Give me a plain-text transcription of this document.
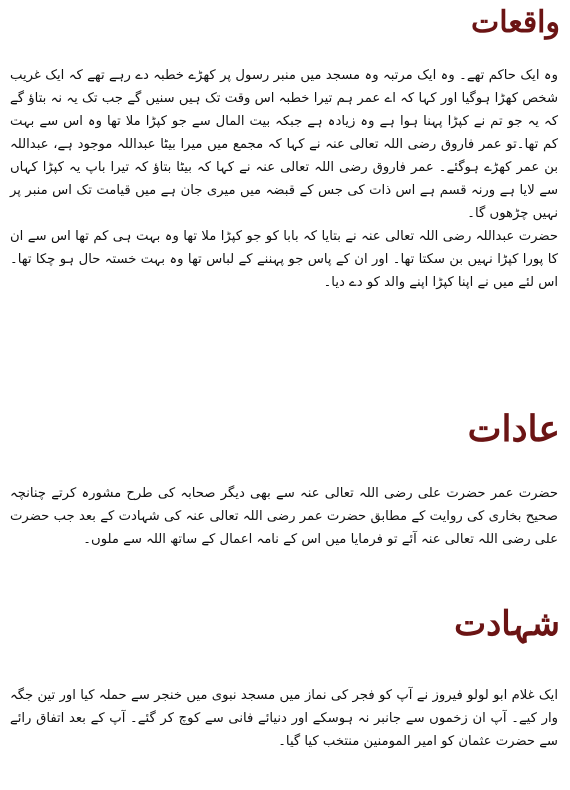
واقعات

وہ ایک حاکم تھے۔ وہ ایک مرتبہ وہ مسجد میں منبر رسول پر کھڑے خطبہ دے رہے تھے کہ ایک غریب شخص کھڑا ہوگیا اور کہا کہ اے عمر ہم تیرا خطبہ اس وقت تک ہیں سنیں گے جب تک یہ نہ بتاؤ گے کہ یہ جو تم نے کپڑا پہنا ہوا ہے وہ زیادہ ہے جبکہ بیت المال سے جو کپڑا ملا تھا وہ اس سے بہت کم تھا۔تو عمر فاروق رضی اللہ تعالی عنہ نے کہا کہ مجمع میں میرا بیٹا عبداللہ موجود ہے، عبداللہ بن عمر کھڑے ہوگئے۔ عمر فاروق رضی اللہ تعالی عنہ نے کہا کہ بیٹا بتاؤ کہ تیرا باپ یہ کپڑا کہاں سے لایا ہے ورنہ قسم ہے اس ذات کی جس کے قبضہ میں میری جان ہے میں قیامت تک اس منبر پر نہیں چڑھوں گا۔

حضرت عبداللہ رضی اللہ تعالی عنہ نے بتایا کہ بابا کو جو کپڑا ملا تھا وہ بہت ہی کم تھا اس سے ان کا پورا کپڑا نہیں بن سکتا تھا۔ اور ان کے پاس جو پہننے کے لباس تھا وہ بہت خستہ حال ہو چکا تھا۔ اس لئے میں نے اپنا کپڑا اپنے والد کو دے دیا۔

عادات

حضرت عمر حضرت علی رضی اللہ تعالی عنہ سے بھی دیگر صحابہ کی طرح مشورہ کرتے چنانچہ صحیح بخاری کی روایت کے مطابق حضرت عمر رضی اللہ تعالی عنہ کی شہادت کے بعد جب حضرت علی رضی اللہ تعالی عنہ آئے تو فرمایا میں اس کے نامہ اعمال کے ساتھ اللہ سے ملوں۔

شہادت

ایک غلام ابو لولو فیروز نے آپ کو فجر کی نماز میں مسجد نبوی میں خنجر سے حملہ کیا اور تین جگہ وار کیے۔ آپ ان زخموں سے جانبر نہ ہوسکے اور دنیائے فانی سے کوچ کر گئے۔ آپ کے بعد اتفاق رائے سے حضرت عثمان کو امیر المومنین منتخب کیا گیا۔
